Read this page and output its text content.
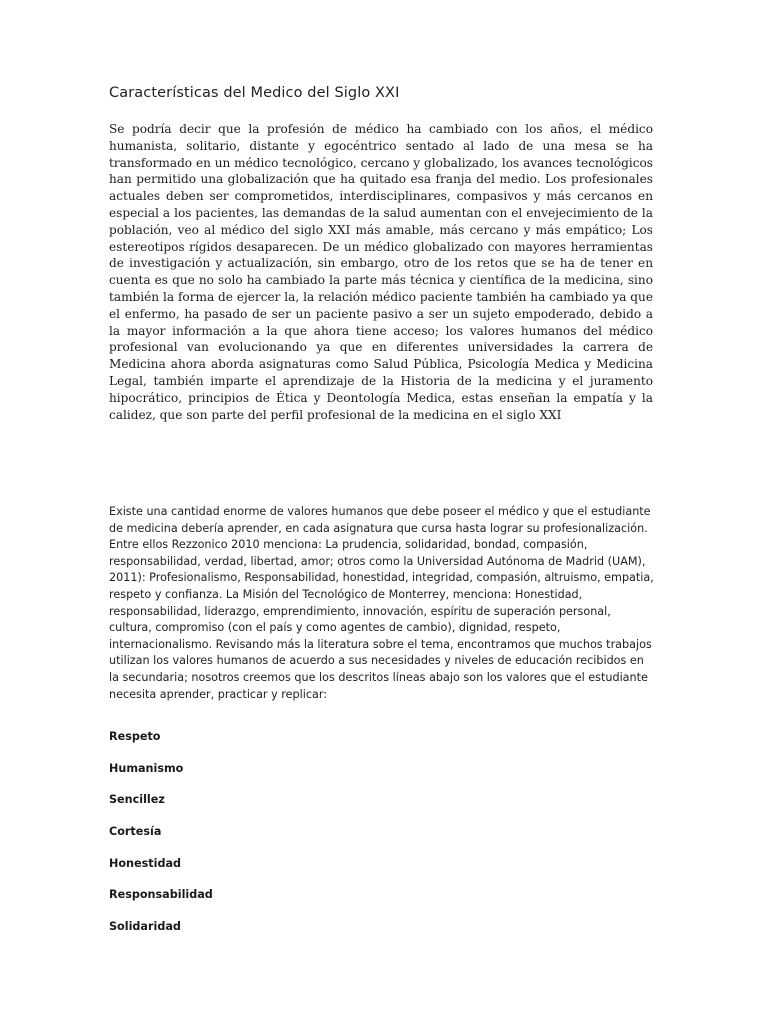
Características del Medico del Siglo XXI

Se podría decir que la profesión de médico ha cambiado con los años, el médico humanista, solitario, distante y egocéntrico sentado al lado de una mesa se ha transformado en un médico tecnológico, cercano y globalizado, los avances tecnológicos han permitido una globalización que ha quitado esa franja del medio. Los profesionales actuales deben ser comprometidos, interdisciplinares, compasivos y más cercanos en especial a los pacientes, las demandas de la salud aumentan con el envejecimiento de la población, veo al médico del siglo XXI más amable, más cercano y más empático; Los estereotipos rígidos desaparecen. De un médico globalizado con mayores herramientas de investigación y actualización, sin embargo, otro de los retos que se ha de tener en cuenta es que no solo ha cambiado la parte más técnica y científica de la medicina, sino también la forma de ejercer la, la relación médico paciente también ha cambiado ya que el enfermo, ha pasado de ser un paciente pasivo a ser un sujeto empoderado, debido a la mayor información a la que ahora tiene acceso; los valores humanos del médico profesional van evolucionando ya que en diferentes universidades la carrera de Medicina ahora aborda asignaturas como Salud Pública, Psicología Medica y Medicina Legal, también imparte el aprendizaje de la Historia de la medicina y el juramento hipocrático, principios de Ética y Deontología Medica, estas enseñan la empatía y la calidez, que son parte del perfil profesional de la medicina en el siglo XXI

Existe una cantidad enorme de valores humanos que debe poseer el médico y que el estudiante de medicina debería aprender, en cada asignatura que cursa hasta lograr su profesionalización. Entre ellos Rezzonico 2010 menciona: La prudencia, solidaridad, bondad, compasión, responsabilidad, verdad, libertad, amor; otros como la Universidad Autónoma de Madrid (UAM), 2011): Profesionalismo, Responsabilidad, honestidad, integridad, compasión, altruismo, empatia, respeto y confianza. La Misión del Tecnológico de Monterrey, menciona: Honestidad, responsabilidad, liderazgo, emprendimiento, innovación, espíritu de superación personal, cultura, compromiso (con el país y como agentes de cambio), dignidad, respeto, internacionalismo. Revisando más la literatura sobre el tema, encontramos que muchos trabajos utilizan los valores humanos de acuerdo a sus necesidades y niveles de educación recibidos en la secundaria; nosotros creemos que los descritos líneas abajo son los valores que el estudiante necesita aprender, practicar y replicar:

Respeto
Humanismo
Sencillez
Cortesía
Honestidad
Responsabilidad
Solidaridad
